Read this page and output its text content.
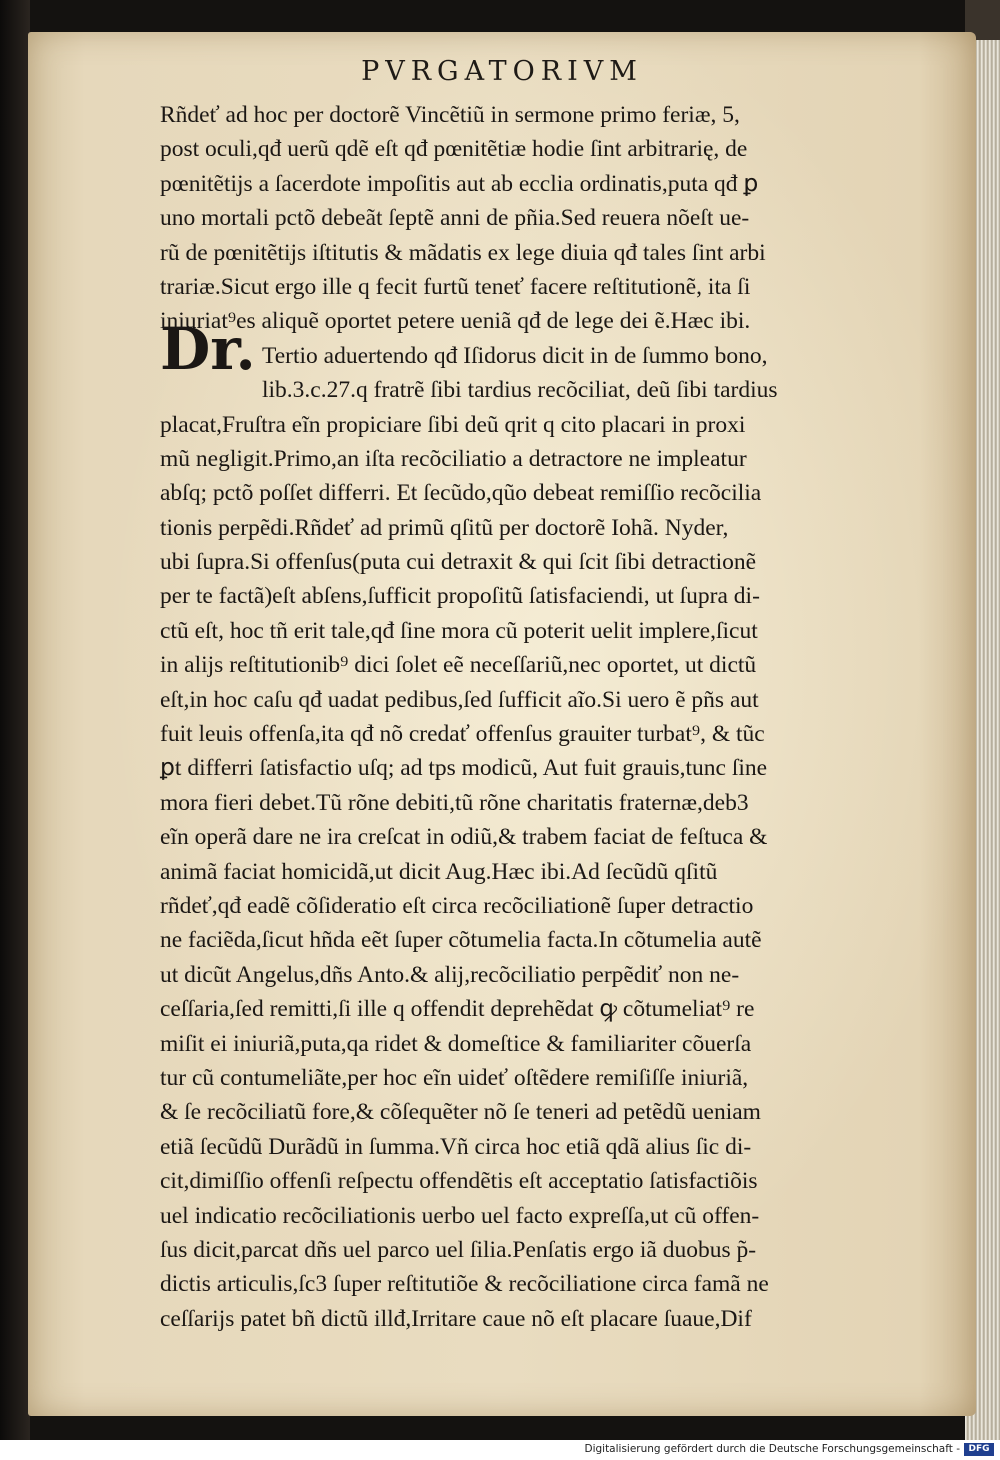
PVRGATORIVM
Dr.
Rñdeť ad hoc per doctorẽ Vincẽtiũ in sermone primo feriæ, 5,
post oculi,qđ uerũ qdẽ eſt qđ pœnitẽtiæ hodie ſint arbitrarię, de
pœnitẽtijs a ſacerdote impoſitis aut ab ecclia ordinatis,puta qđ ꝑ
uno mortali pctõ debeãt ſeptẽ anni de pñia.Sed reuera nõeſt ue-
rũ de pœnitẽtijs iſtitutis & mãdatis ex lege diuia qđ tales ſint arbi
trariæ.Sicut ergo ille q fecit furtũ teneť facere reſtitutionẽ, ita ſi
iniuriat⁹es aliquẽ oportet petere ueniã qđ de lege dei ẽ.Hæc ibi.
Tertio aduertendo qđ Iſidorus dicit in de ſummo bono,
lib.3.c.27.q fratrẽ ſibi tardius recõciliat, deũ ſibi tardius
placat,Fruſtra eĩn propiciare ſibi deũ qrit q cito placari in proxi
mũ negligit.Primo,an iſta recõciliatio a detractore ne impleatur
abſq; pctõ poſſet differri. Et ſecũdo,qũo debeat remiſſio recõcilia
tionis perpẽdi.Rñdeť ad primũ qſitũ per doctorẽ Iohã. Nyder,
ubi ſupra.Si offenſus(puta cui detraxit & qui ſcit ſibi detractionẽ
per te factã)eſt abſens,ſufficit propoſitũ ſatisfaciendi, ut ſupra di-
ctũ eſt, hoc tñ erit tale,qđ ſine mora cũ poterit uelit implere,ſicut
in alijs reſtitutionib⁹ dici ſolet eẽ neceſſariũ,nec oportet, ut dictũ
eſt,in hoc caſu qđ uadat pedibus,ſed ſufficit aĩo.Si uero ẽ pñs aut
fuit leuis offenſa,ita qđ nõ credať offenſus grauiter turbat⁹, & tũc
ꝑt differri ſatisfactio uſq; ad tps modicũ, Aut fuit grauis,tunc ſine
mora fieri debet.Tũ rõne debiti,tũ rõne charitatis fraternæ,deb3
eĩn operã dare ne ira creſcat in odiũ,& trabem faciat de feſtuca &
animã faciat homicidã,ut dicit Aug.Hæc ibi.Ad ſecũdũ qſitũ
rñdeť,qđ eadẽ cõſideratio eſt circa recõciliationẽ ſuper detractio
ne faciẽda,ſicut hñda eẽt ſuper cõtumelia facta.In cõtumelia autẽ
ut dicũt Angelus,dñs Anto.& alij,recõciliatio perpẽdiť non ne-
ceſſaria,ſed remitti,ſi ille q offendit deprehẽdat ꝙ cõtumeliat⁹ re
miſit ei iniuriã,puta,qa ridet & domeſtice & familiariter cõuerſa
tur cũ contumeliãte,per hoc eĩn uideť oſtẽdere remiſiſſe iniuriã,
& ſe recõciliatũ fore,& cõſequẽter nõ ſe teneri ad petẽdũ ueniam
etiã ſecũdũ Durãdũ in ſumma.Vñ circa hoc etiã qdã alius ſic di-
cit,dimiſſio offenſi reſpectu offendẽtis eſt acceptatio ſatisfactiõis
uel indicatio recõciliationis uerbo uel facto expreſſa,ut cũ offen-
ſus dicit,parcat dñs uel parco uel ſilia.Penſatis ergo iã duobus p̃-
dictis articulis,ſc3 ſuper reſtitutiõe & recõciliatione circa famã ne
ceſſarijs patet bñ dictũ illđ,Irritare caue nõ eſt placare ſuaue,Dif
Digitalisierung gefördert durch die Deutsche Forschungsgemeinschaft - DFG
